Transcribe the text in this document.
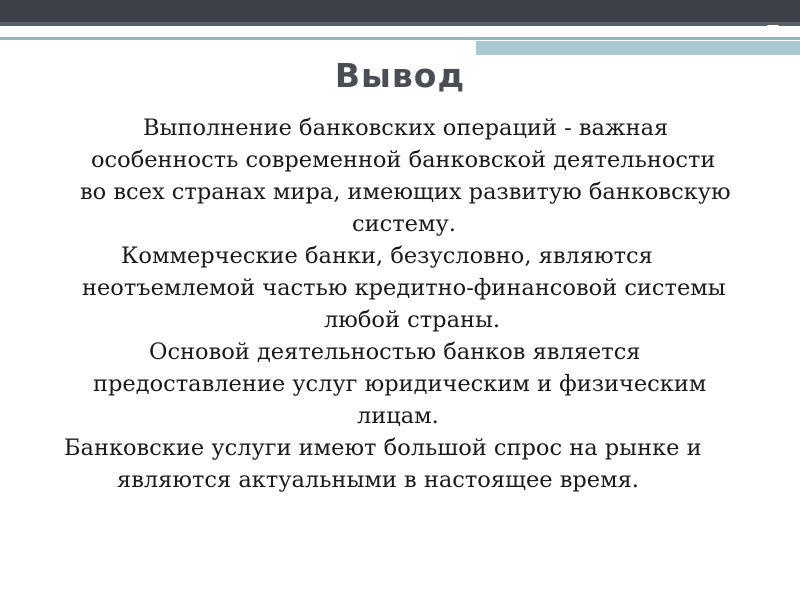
Вывод
Выполнение банковских операций - важная
особенность современной банковской деятельности
во всех странах мира, имеющих развитую банковскую
систему.
Коммерческие банки, безусловно, являются
неотъемлемой частью кредитно-финансовой системы
любой страны.
Основой деятельностью банков является
предоставление услуг юридическим и физическим
лицам.
Банковские услуги имеют большой спрос на рынке и
являются актуальными в настоящее время.
